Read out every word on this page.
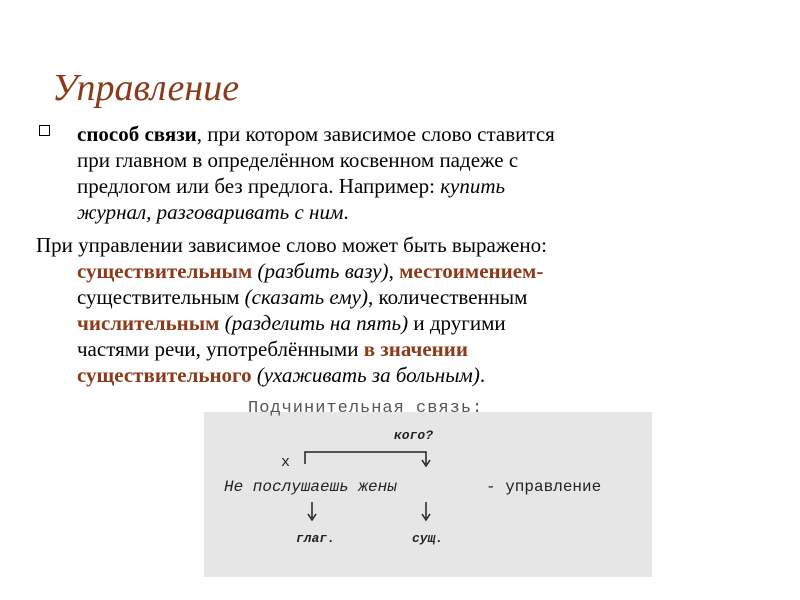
Управление
способ связи, при котором зависимое слово ставится
при главном в определённом косвенном падеже с
предлогом или без предлога. Например: купить
журнал, разговаривать с ним.
При управлении зависимое слово может быть выражено:
существительным (разбить вазу), местоимением-
существительным (сказать ему), количественным
числительным (разделить на пять) и другими
частями речи, употреблёнными в значении
существительного (ухаживать за больным).
Подчинительная связь:
кого?
х
Не послушаешь жены	- управление
глаг.	сущ.
